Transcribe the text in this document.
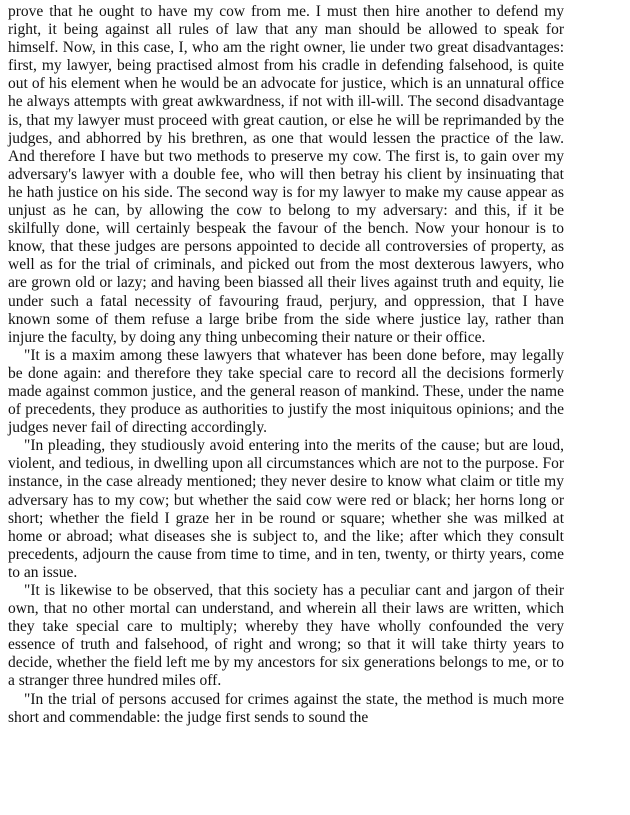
prove that he ought to have my cow from me. I must then hire another to defend my right, it being against all rules of law that any man should be allowed to speak for himself. Now, in this case, I, who am the right owner, lie under two great disadvantages: first, my lawyer, being practised almost from his cradle in defending falsehood, is quite out of his element when he would be an advocate for justice, which is an unnatural office he always attempts with great awkwardness, if not with ill-will. The second disadvantage is, that my lawyer must proceed with great caution, or else he will be reprimanded by the judges, and abhorred by his brethren, as one that would lessen the practice of the law. And therefore I have but two methods to preserve my cow. The first is, to gain over my adversary's lawyer with a double fee, who will then betray his client by insinuating that he hath justice on his side. The second way is for my lawyer to make my cause appear as unjust as he can, by allowing the cow to belong to my adversary: and this, if it be skilfully done, will certainly bespeak the favour of the bench. Now your honour is to know, that these judges are persons appointed to decide all controversies of property, as well as for the trial of criminals, and picked out from the most dexterous lawyers, who are grown old or lazy; and having been biassed all their lives against truth and equity, lie under such a fatal necessity of favouring fraud, perjury, and oppression, that I have known some of them refuse a large bribe from the side where justice lay, rather than injure the faculty, by doing any thing unbecoming their nature or their office.

"It is a maxim among these lawyers that whatever has been done before, may legally be done again: and therefore they take special care to record all the decisions formerly made against common justice, and the general reason of mankind. These, under the name of precedents, they produce as authorities to justify the most iniquitous opinions; and the judges never fail of directing accordingly.

"In pleading, they studiously avoid entering into the merits of the cause; but are loud, violent, and tedious, in dwelling upon all circumstances which are not to the purpose. For instance, in the case already mentioned; they never desire to know what claim or title my adversary has to my cow; but whether the said cow were red or black; her horns long or short; whether the field I graze her in be round or square; whether she was milked at home or abroad; what diseases she is subject to, and the like; after which they consult precedents, adjourn the cause from time to time, and in ten, twenty, or thirty years, come to an issue.

"It is likewise to be observed, that this society has a peculiar cant and jargon of their own, that no other mortal can understand, and wherein all their laws are written, which they take special care to multiply; whereby they have wholly confounded the very essence of truth and falsehood, of right and wrong; so that it will take thirty years to decide, whether the field left me by my ancestors for six generations belongs to me, or to a stranger three hundred miles off.

"In the trial of persons accused for crimes against the state, the method is much more short and commendable: the judge first sends to sound the
